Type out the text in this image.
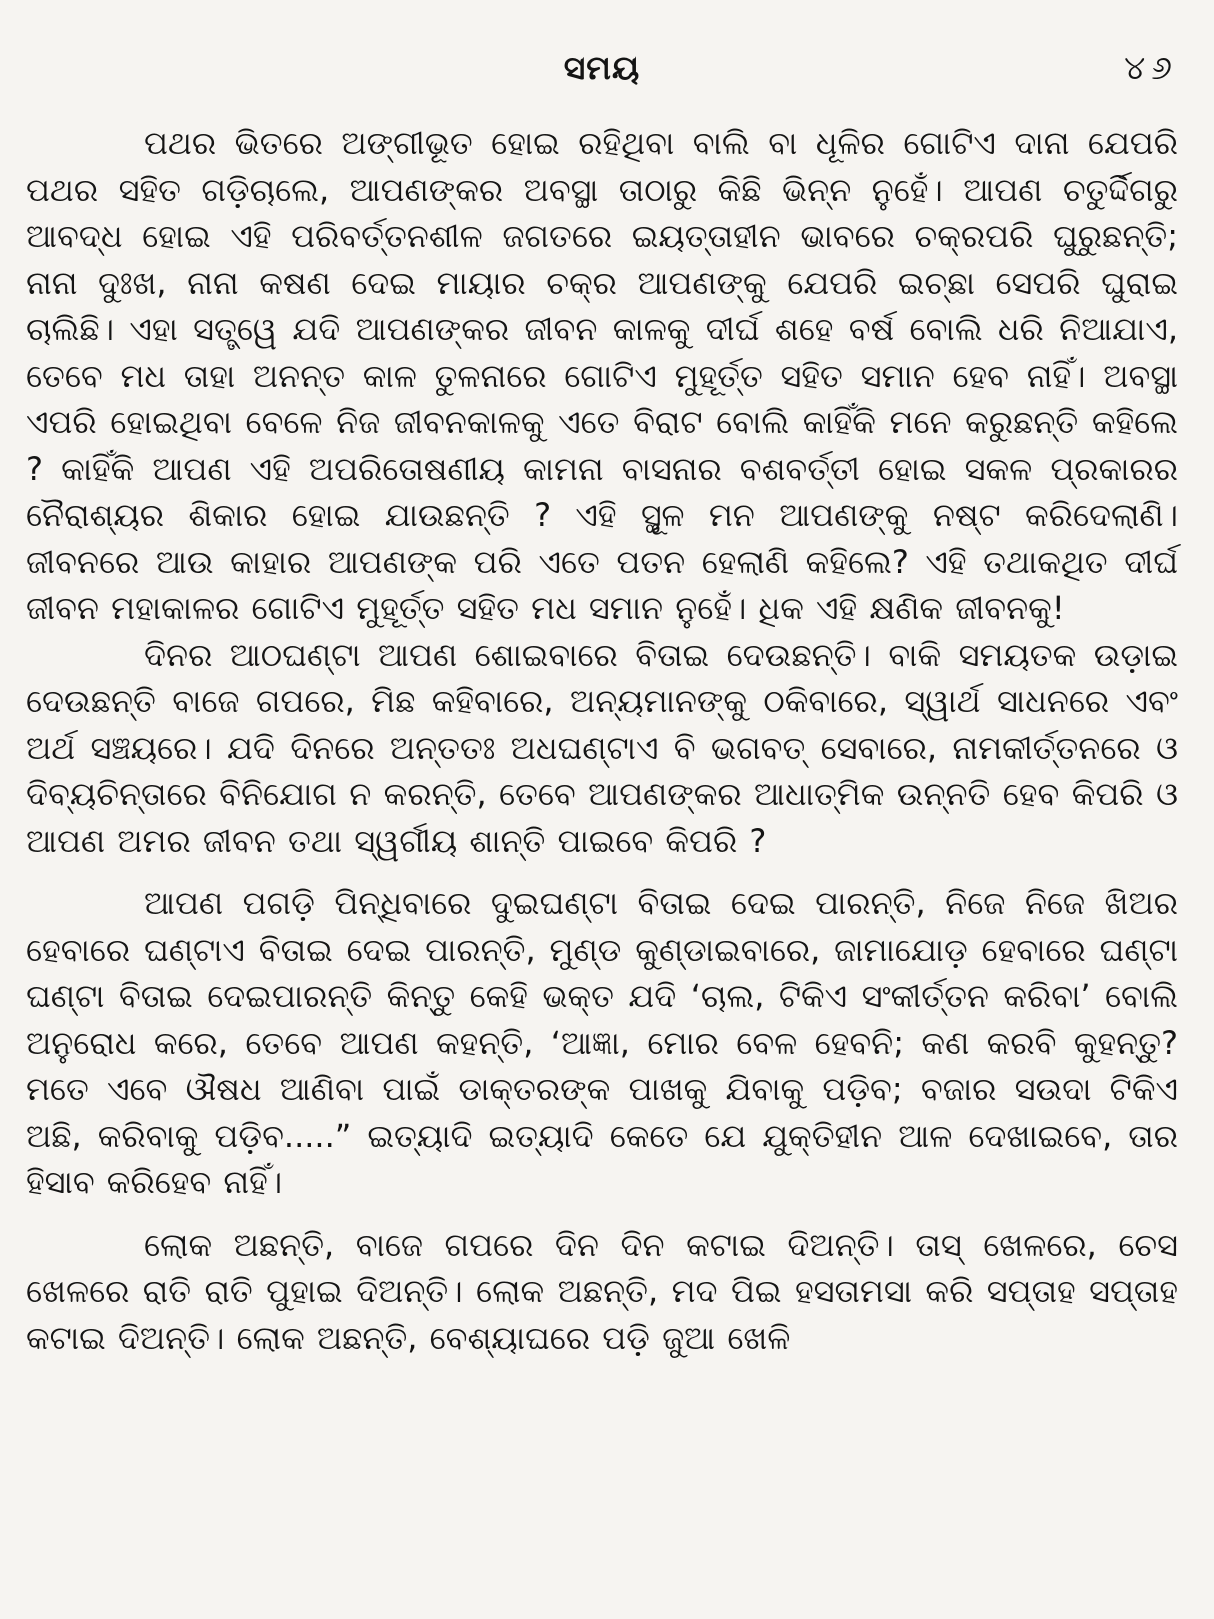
ସମୟ	୪୬

ପଥର ଭିତରେ ଅଙ୍ଗୀଭୂତ ହୋଇ ରହିଥିବା ବାଲି ବା ଧୂଳିର ଗୋଟିଏ ଦାନା ଯେପରି ପଥର ସହିତ ଗଡ଼ିଚାଲେ, ଆପଣଙ୍କର ଅବସ୍ଥା ତାଠାରୁ କିଛି ଭିନ୍ନ ନୁହେଁ। ଆପଣ ଚତୁର୍ଦ୍ଦିଗରୁ ଆବଦ୍ଧ ହୋଇ ଏହି ପରିବର୍ତ୍ତନଶୀଳ ଜଗତରେ ଇୟତ୍ତାହୀନ ଭାବରେ ଚକ୍ରପରି ଘୁରୁଛନ୍ତି; ନାନା ଦୁଃଖ, ନାନା କଷଣ ଦେଇ ମାୟାର ଚକ୍ର ଆପଣଙ୍କୁ ଯେପରି ଇଚ୍ଛା ସେପରି ଘୁରାଇ ଚାଲିଛି। ଏହା ସତ୍ତ୍ୱେ ଯଦି ଆପଣଙ୍କର ଜୀବନ କାଳକୁ ଦୀର୍ଘ ଶହେ ବର୍ଷ ବୋଲି ଧରି ନିଆଯାଏ, ତେବେ ମଧ ତାହା ଅନନ୍ତ କାଳ ତୁଳନାରେ ଗୋଟିଏ ମୁହୂର୍ତ୍ତ ସହିତ ସମାନ ହେବ ନାହିଁ। ଅବସ୍ଥା ଏପରି ହୋଇଥିବା ବେଳେ ନିଜ ଜୀବନକାଳକୁ ଏତେ ବିରାଟ ବୋଲି କାହିଁକି ମନେ କରୁଛନ୍ତି କହିଲେ ? କାହିଁକି ଆପଣ ଏହି ଅପରିତୋଷଣୀୟ କାମନା ବାସନାର ବଶବର୍ତ୍ତୀ ହୋଇ ସକଳ ପ୍ରକାରର ନୈରାଶ୍ୟର ଶିକାର ହୋଇ ଯାଉଛନ୍ତି ? ଏହି ସ୍ଥୂଳ ମନ ଆପଣଙ୍କୁ ନଷ୍ଟ କରିଦେଲାଣି। ଜୀବନରେ ଆଉ କାହାର ଆପଣଙ୍କ ପରି ଏତେ ପତନ ହେଲାଣି କହିଲେ? ଏହି ତଥାକଥିତ ଦୀର୍ଘ ଜୀବନ ମହାକାଳର ଗୋଟିଏ ମୁହୂର୍ତ୍ତ ସହିତ ମଧ ସମାନ ନୁହେଁ। ଧିକ ଏହି କ୍ଷଣିକ ଜୀବନକୁ!

ଦିନର ଆଠଘଣ୍ଟା ଆପଣ ଶୋଇବାରେ ବିତାଇ ଦେଉଛନ୍ତି। ବାକି ସମୟତକ ଉଡ଼ାଇ ଦେଉଛନ୍ତି ବାଜେ ଗପରେ, ମିଛ କହିବାରେ, ଅନ୍ୟମାନଙ୍କୁ ଠକିବାରେ, ସ୍ୱାର୍ଥ ସାଧନରେ ଏବଂ ଅର୍ଥ ସଞ୍ଚୟରେ। ଯଦି ଦିନରେ ଅନ୍ତତଃ ଅଧଘଣ୍ଟାଏ ବି ଭଗବତ୍ ସେବାରେ, ନାମକୀର୍ତ୍ତନରେ ଓ ଦିବ୍ୟଚିନ୍ତାରେ ବିନିଯୋଗ ନ କରନ୍ତି, ତେବେ ଆପଣଙ୍କର ଆଧାତ୍ମିକ ଉନ୍ନତି ହେବ କିପରି ଓ ଆପଣ ଅମର ଜୀବନ ତଥା ସ୍ୱର୍ଗୀୟ ଶାନ୍ତି ପାଇବେ କିପରି ?

ଆପଣ ପଗଡ଼ି ପିନ୍ଧିବାରେ ଦୁଇଘଣ୍ଟା ବିତାଇ ଦେଇ ପାରନ୍ତି, ନିଜେ ନିଜେ ଖିଅର ହେବାରେ ଘଣ୍ଟାଏ ବିତାଇ ଦେଇ ପାରନ୍ତି, ମୁଣ୍ଡ କୁଣ୍ଡାଇବାରେ, ଜାମାଯୋଡ଼ ହେବାରେ ଘଣ୍ଟା ଘଣ୍ଟା ବିତାଇ ଦେଇପାରନ୍ତି କିନ୍ତୁ କେହି ଭକ୍ତ ଯଦି ‘ଚାଲ, ଟିକିଏ ସଂକୀର୍ତ୍ତନ କରିବା’ ବୋଲି ଅନୁରୋଧ କରେ, ତେବେ ଆପଣ କହନ୍ତି, ‘ଆଜ୍ଞା, ମୋର ବେଳ ହେବନି; କଣ କରବି କୁହନ୍ତୁ? ମତେ ଏବେ ଔଷଧ ଆଣିବା ପାଇଁ ଡାକ୍ତରଙ୍କ ପାଖକୁ ଯିବାକୁ ପଡ଼ିବ; ବଜାର ସଉଦା ଟିକିଏ ଅଛି, କରିବାକୁ ପଡ଼ିବ.....” ଇତ୍ୟାଦି ଇତ୍ୟାଦି କେତେ ଯେ ଯୁକ୍ତିହୀନ ଆଳ ଦେଖାଇବେ, ତାର ହିସାବ କରିହେବ ନାହିଁ।

ଲୋକ ଅଛନ୍ତି, ବାଜେ ଗପରେ ଦିନ ଦିନ କଟାଇ ଦିଅନ୍ତି। ତାସ୍ ଖେଳରେ, ଚେସ ଖେଳରେ ରାତି ରାତି ପୁହାଇ ଦିଅନ୍ତି। ଲୋକ ଅଛନ୍ତି, ମଦ ପିଇ ହସତାମସା କରି ସପ୍ତାହ ସପ୍ତାହ କଟାଇ ଦିଅନ୍ତି। ଲୋକ ଅଛନ୍ତି, ବେଶ୍ୟାଘରେ ପଡ଼ି ଜୁଆ ଖେଳି
